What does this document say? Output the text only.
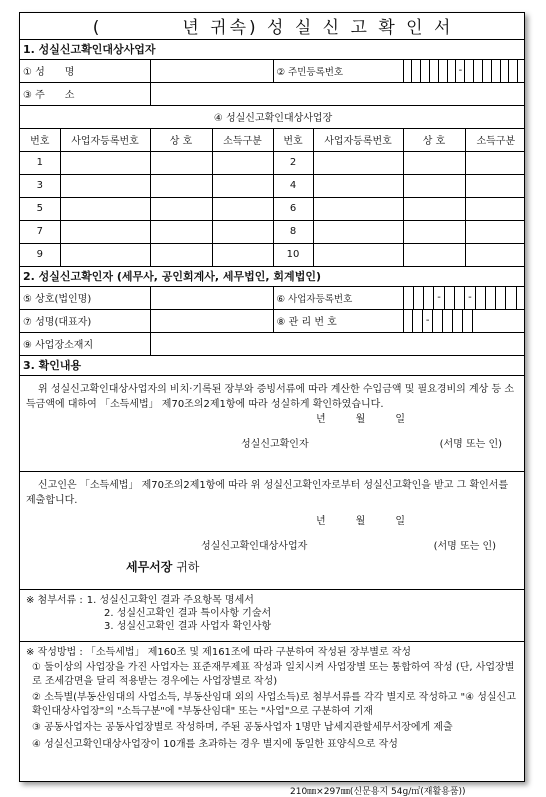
(　　　　년 귀속) 성 실 신 고 확 인 서							
1. 성실신고확인대상사업자							
① 성　　명				② 주민등록번호		-	

③ 주　　소							
④ 성실신고확인대상사업장							
번호	사업자등록번호	상 호	소득구분	번호	사업자등록번호	상 호	소득구분
1				2			
3				4			
5				6			
7				8			
9				10			
2. 성실신고확인자 (세무사, 공인회계사, 세무법인, 회계법인)							
⑤ 상호(법인명)				⑥ 사업자등록번호		- -	

⑦ 성명(대표자)				⑧ 관 리 번 호		-	

⑨ 사업장소재지							
3. 확인내용							

위 성실신고확인대상사업자의 비치·기록된 장부와 증빙서류에 따라 계산한 수입금액 및 필요경비의 계상 등 소득금액에 대하여 「소득세법」 제70조의2제1항에 따라 성실하게 확인하였습니다.
년　　　월　　　일
성실신고확인자 (서명 또는 인)							

신고인은 「소득세법」 제70조의2제1항에 따라 위 성실신고확인자로부터 성실신고확인을 받고 그 확인서를 제출합니다.
년　　　월　　　일
성실신고확인대상사업자 (서명 또는 인)
세무서장 귀하							

※ 첨부서류 : 1. 성실신고확인 결과 주요항목 명세서
2. 성실신고확인 결과 특이사항 기술서
3. 성실신고확인 결과 사업자 확인사항							

※ 작성방법 : 「소득세법」 제160조 및 제161조에 따라 구분하여 작성된 장부별로 작성
① 둘이상의 사업장을 가진 사업자는 표준재무제표 작성과 일치시켜 사업장별 또는 통합하여 작성 (단, 사업장별로 조세감면을 달리 적용받는 경우에는 사업장별로 작성)
② 소득별(부동산임대의 사업소득, 부동산임대 외의 사업소득)로 첨부서류를 각각 별지로 작성하고 "④ 성실신고확인대상사업장"의 "소득구분"에 "부동산임대" 또는 "사업"으로 구분하여 기재
③ 공동사업자는 공동사업장별로 작성하며, 주된 공동사업자 1명만 납세지관할세무서장에게 제출
④ 성실신고확인대상사업장이 10개를 초과하는 경우 별지에 동일한 표양식으로 작성							
210㎜×297㎜(신문용지 54g/㎡(재활용품))
